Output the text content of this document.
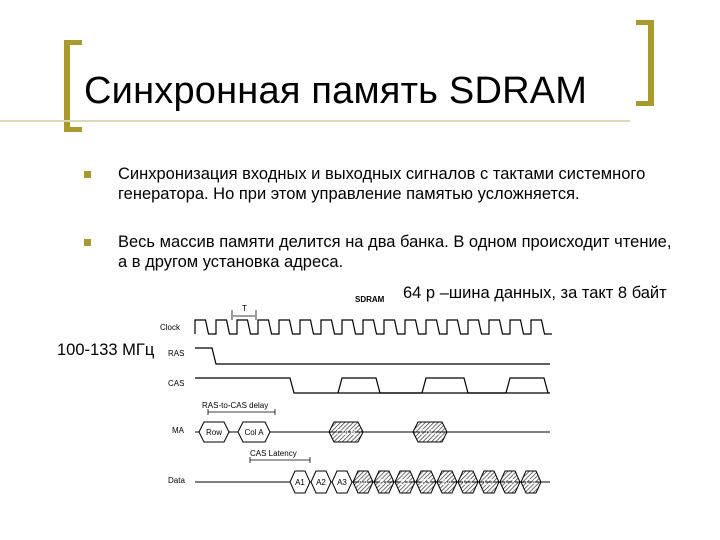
Синхронная память SDRAM
Синхронизация входных и выходных сигналов с тактами системного генератора. Но при этом управление памятью усложняется.
Весь массив памяти делится на два банка. В одном происходит чтение, а в другом установка адреса.
64 р –шина данных, за такт 8 байт
100-133 МГц
SDRAM
T
Clock
RAS
CAS
MA
Data
RAS-to-CAS delay
Row	Col A	Col B	Col C
CAS Latency
A1 A2 A3 A4 B1 B2 B3 B4 C1 C2 C3 C4
